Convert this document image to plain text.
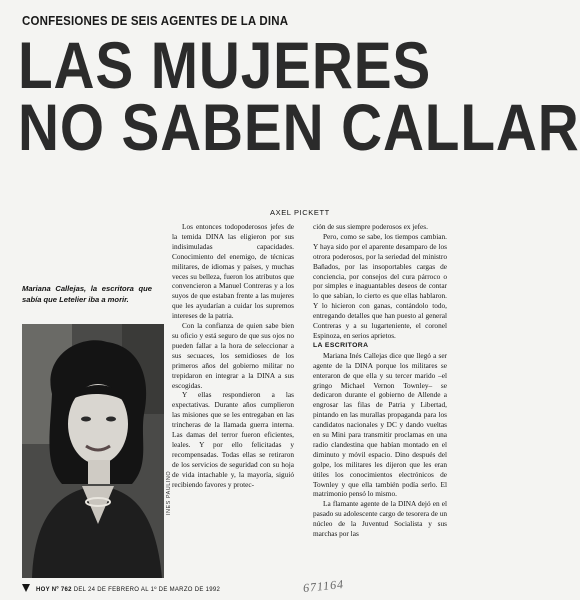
CONFESIONES DE SEIS AGENTES DE LA DINA
LAS MUJERES
NO SABEN CALLAR
AXEL PICKETT
Mariana Callejas, la escritora que sabía que Letelier iba a morir.
INES PAULINO

Los entonces todopoderosos jefes de la temida DINA las eligieron por sus indisimuladas capacidades. Conocimiento del enemigo, de técnicas militares, de idiomas y países, y muchas veces su belleza, fueron los atributos que convencieron a Manuel Contreras y a los suyos de que estaban frente a las mujeres que les ayudarían a cuidar los supremos intereses de la patria.

Con la confianza de quien sabe bien su oficio y está seguro de que sus ojos no pueden fallar a la hora de seleccionar a sus secuaces, los semidioses de los primeros años del gobierno militar no trepidaron en integrar a la DINA a sus escogidas.

Y ellas respondieron a las expectativas. Durante años cumplieron las misiones que se les entregaban en las trincheras de la llamada guerra interna. Las damas del terror fueron eficientes, leales. Y por ello felicitadas y recompensadas. Todas ellas se retiraron de los servicios de seguridad con su hoja de vida intachable y, la mayoría, siguió recibiendo favores y protec-

ción de sus siempre poderosos ex jefes.

Pero, como se sabe, los tiempos cambian. Y haya sido por el aparente desamparo de los otrora poderosos, por la seriedad del ministro Bañados, por las insoportables cargas de conciencia, por consejos del cura párroco o por simples e inaguantables deseos de contar lo que sabían, lo cierto es que ellas hablaron. Y lo hicieron con ganas, contándolo todo, entregando detalles que han puesto al general Contreras y a su lugarteniente, el coronel Espinoza, en serios aprietos.

LA ESCRITORA

Mariana Inés Callejas dice que llegó a ser agente de la DINA porque los militares se enteraron de que ella y su tercer marido –el gringo Michael Vernon Townley– se dedicaron durante el gobierno de Allende a engrosar las filas de Patria y Libertad, pintando en las murallas propaganda para los candidatos nacionales y DC y dando vueltas en su Mini para transmitir proclamas en una radio clandestina que habían montado en el diminuto y móvil espacio. Dino después del golpe, los militares les dijeron que les eran útiles los conocimientos electrónicos de Townley y que ella también podía serlo. El matrimonio pensó lo mismo.

La flamante agente de la DINA dejó en el pasado su adolescente cargo de tesorera de un núcleo de la Juventud Socialista y sus marchas por las

HOY Nº 762 DEL 24 DE FEBRERO AL 1º DE MARZO DE 1992	671164
